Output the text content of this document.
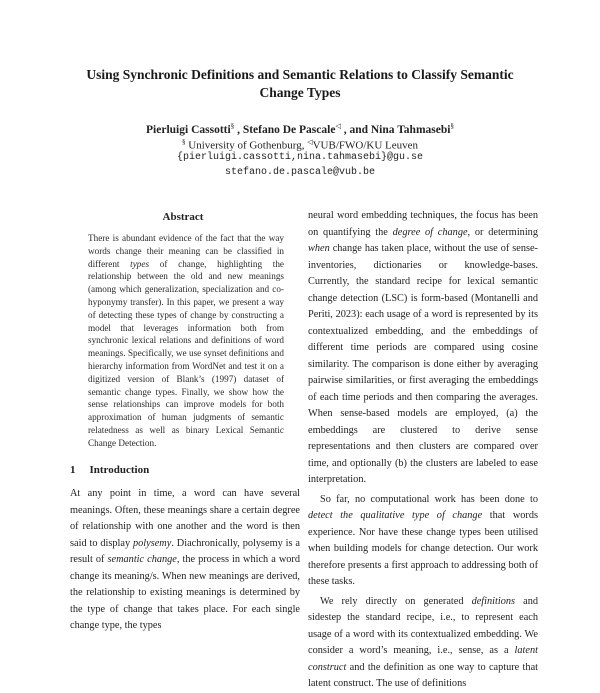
Using Synchronic Definitions and Semantic Relations to Classify Semantic
Change Types
Pierluigi Cassotti§ , Stefano De Pascale◁ , and Nina Tahmasebi§
§ University of Gothenburg, ◁VUB/FWO/KU Leuven
{pierluigi.cassotti,nina.tahmasebi}@gu.se
stefano.de.pascale@vub.be
Abstract
There is abundant evidence of the fact that the way words change their meaning can be classified in different types of change, highlighting the relationship between the old and new meanings (among which generalization, specialization and co-hyponymy transfer). In this paper, we present a way of detecting these types of change by constructing a model that leverages information both from synchronic lexical relations and definitions of word meanings. Specifically, we use synset definitions and hierarchy information from WordNet and test it on a digitized version of Blank’s (1997) dataset of semantic change types. Finally, we show how the sense relationships can improve models for both approximation of human judgments of semantic relatedness as well as binary Lexical Semantic Change Detection.
1 Introduction

At any point in time, a word can have several meanings. Often, these meanings share a certain degree of relationship with one another and the word is then said to display polysemy. Diachronically, polysemy is a result of semantic change, the process in which a word change its meaning/s. When new meanings are derived, the relationship to existing meanings is determined by the type of change that takes place. For each single change type, the types

neural word embedding techniques, the focus has been on quantifying the degree of change, or determining when change has taken place, without the use of sense-inventories, dictionaries or knowledge-bases. Currently, the standard recipe for lexical semantic change detection (LSC) is form-based (Montanelli and Periti, 2023): each usage of a word is represented by its contextualized embedding, and the embeddings of different time periods are compared using cosine similarity. The comparison is done either by averaging pairwise similarities, or first averaging the embeddings of each time periods and then comparing the averages. When sense-based models are employed, (a) the embeddings are clustered to derive sense representations and then clusters are compared over time, and optionally (b) the clusters are labeled to ease interpretation.

So far, no computational work has been done to detect the qualitative type of change that words experience. Nor have these change types been utilised when building models for change detection. Our work therefore presents a first approach to addressing both of these tasks.

We rely directly on generated definitions and sidestep the standard recipe, i.e., to represent each usage of a word with its contextualized embedding. We consider a word’s meaning, i.e., sense, as a latent construct and the definition as one way to capture that latent construct. The use of definitions
